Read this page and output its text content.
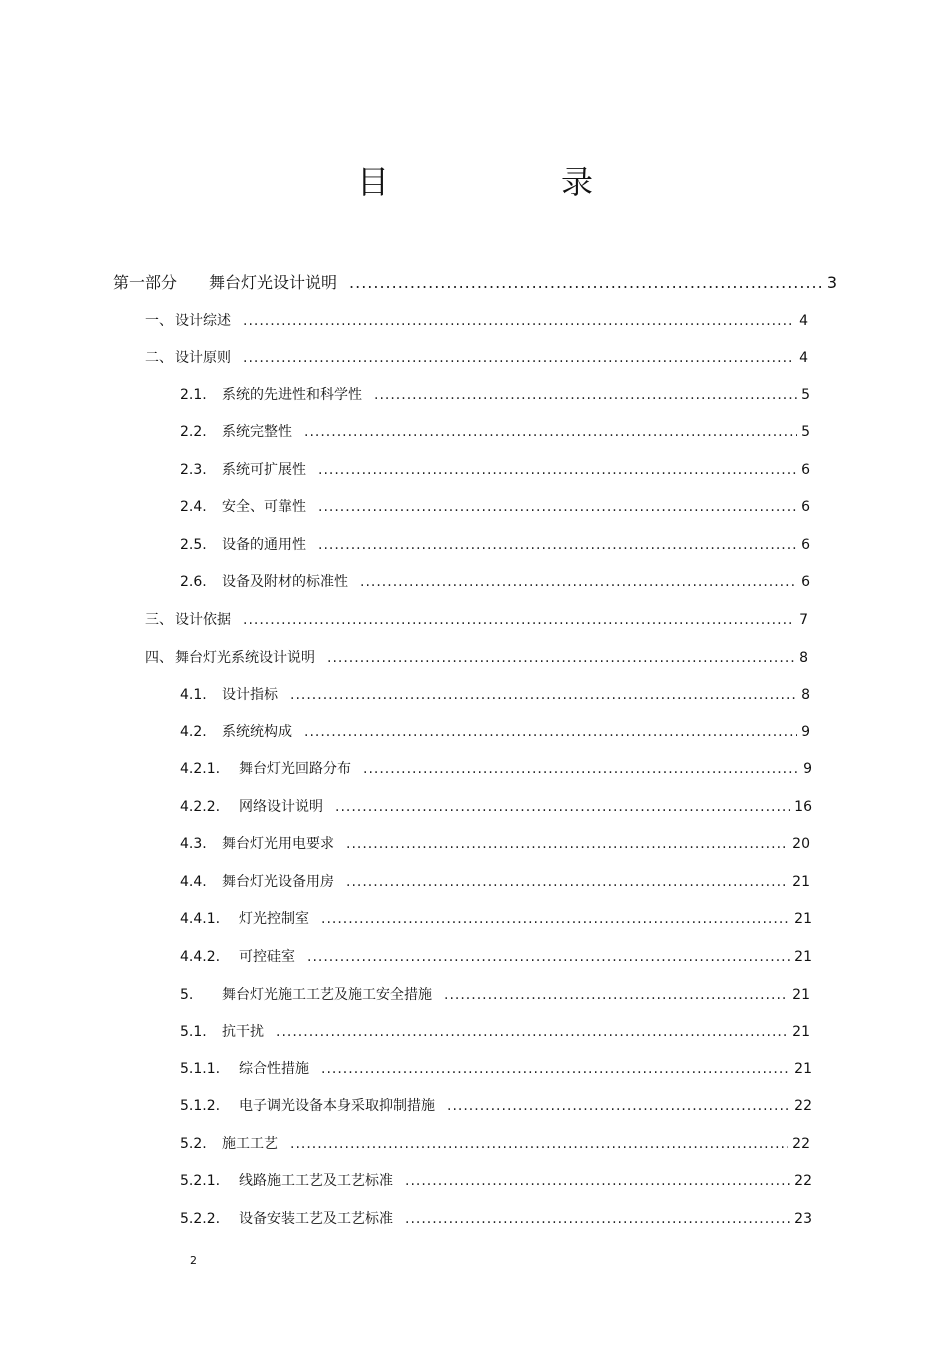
目　录
第一部分	舞台灯光设计说明 .....	3
一、 设计综述 .....	4
二、 设计原则 .....	4
2.1.	系统的先进性和科学性 .....	5
2.2.	系统完整性 .....	5
2.3.	系统可扩展性 .....	6
2.4.	安全、可靠性 .....	6
2.5.	设备的通用性 .....	6
2.6.	设备及附材的标准性 .....	6
三、 设计依据 .....	7
四、 舞台灯光系统设计说明 .....	8
4.1.	设计指标 .....	8
4.2.	系统统构成 .....	9
4.2.1.	舞台灯光回路分布 .....	9
4.2.2.	网络设计说明 .....	16
4.3.	舞台灯光用电要求 .....	20
4.4.	舞台灯光设备用房 .....	21
4.4.1.	灯光控制室 .....	21
4.4.2.	可控硅室 .....	21
5.	舞台灯光施工工艺及施工安全措施 .....	21
5.1.	抗干扰 .....	21
5.1.1.	综合性措施 .....	21
5.1.2.	电子调光设备本身采取抑制措施 .....	22
5.2.	施工工艺 .....	22
5.2.1.	线路施工工艺及工艺标准 .....	22
5.2.2.	设备安装工艺及工艺标准 .....	23
2
